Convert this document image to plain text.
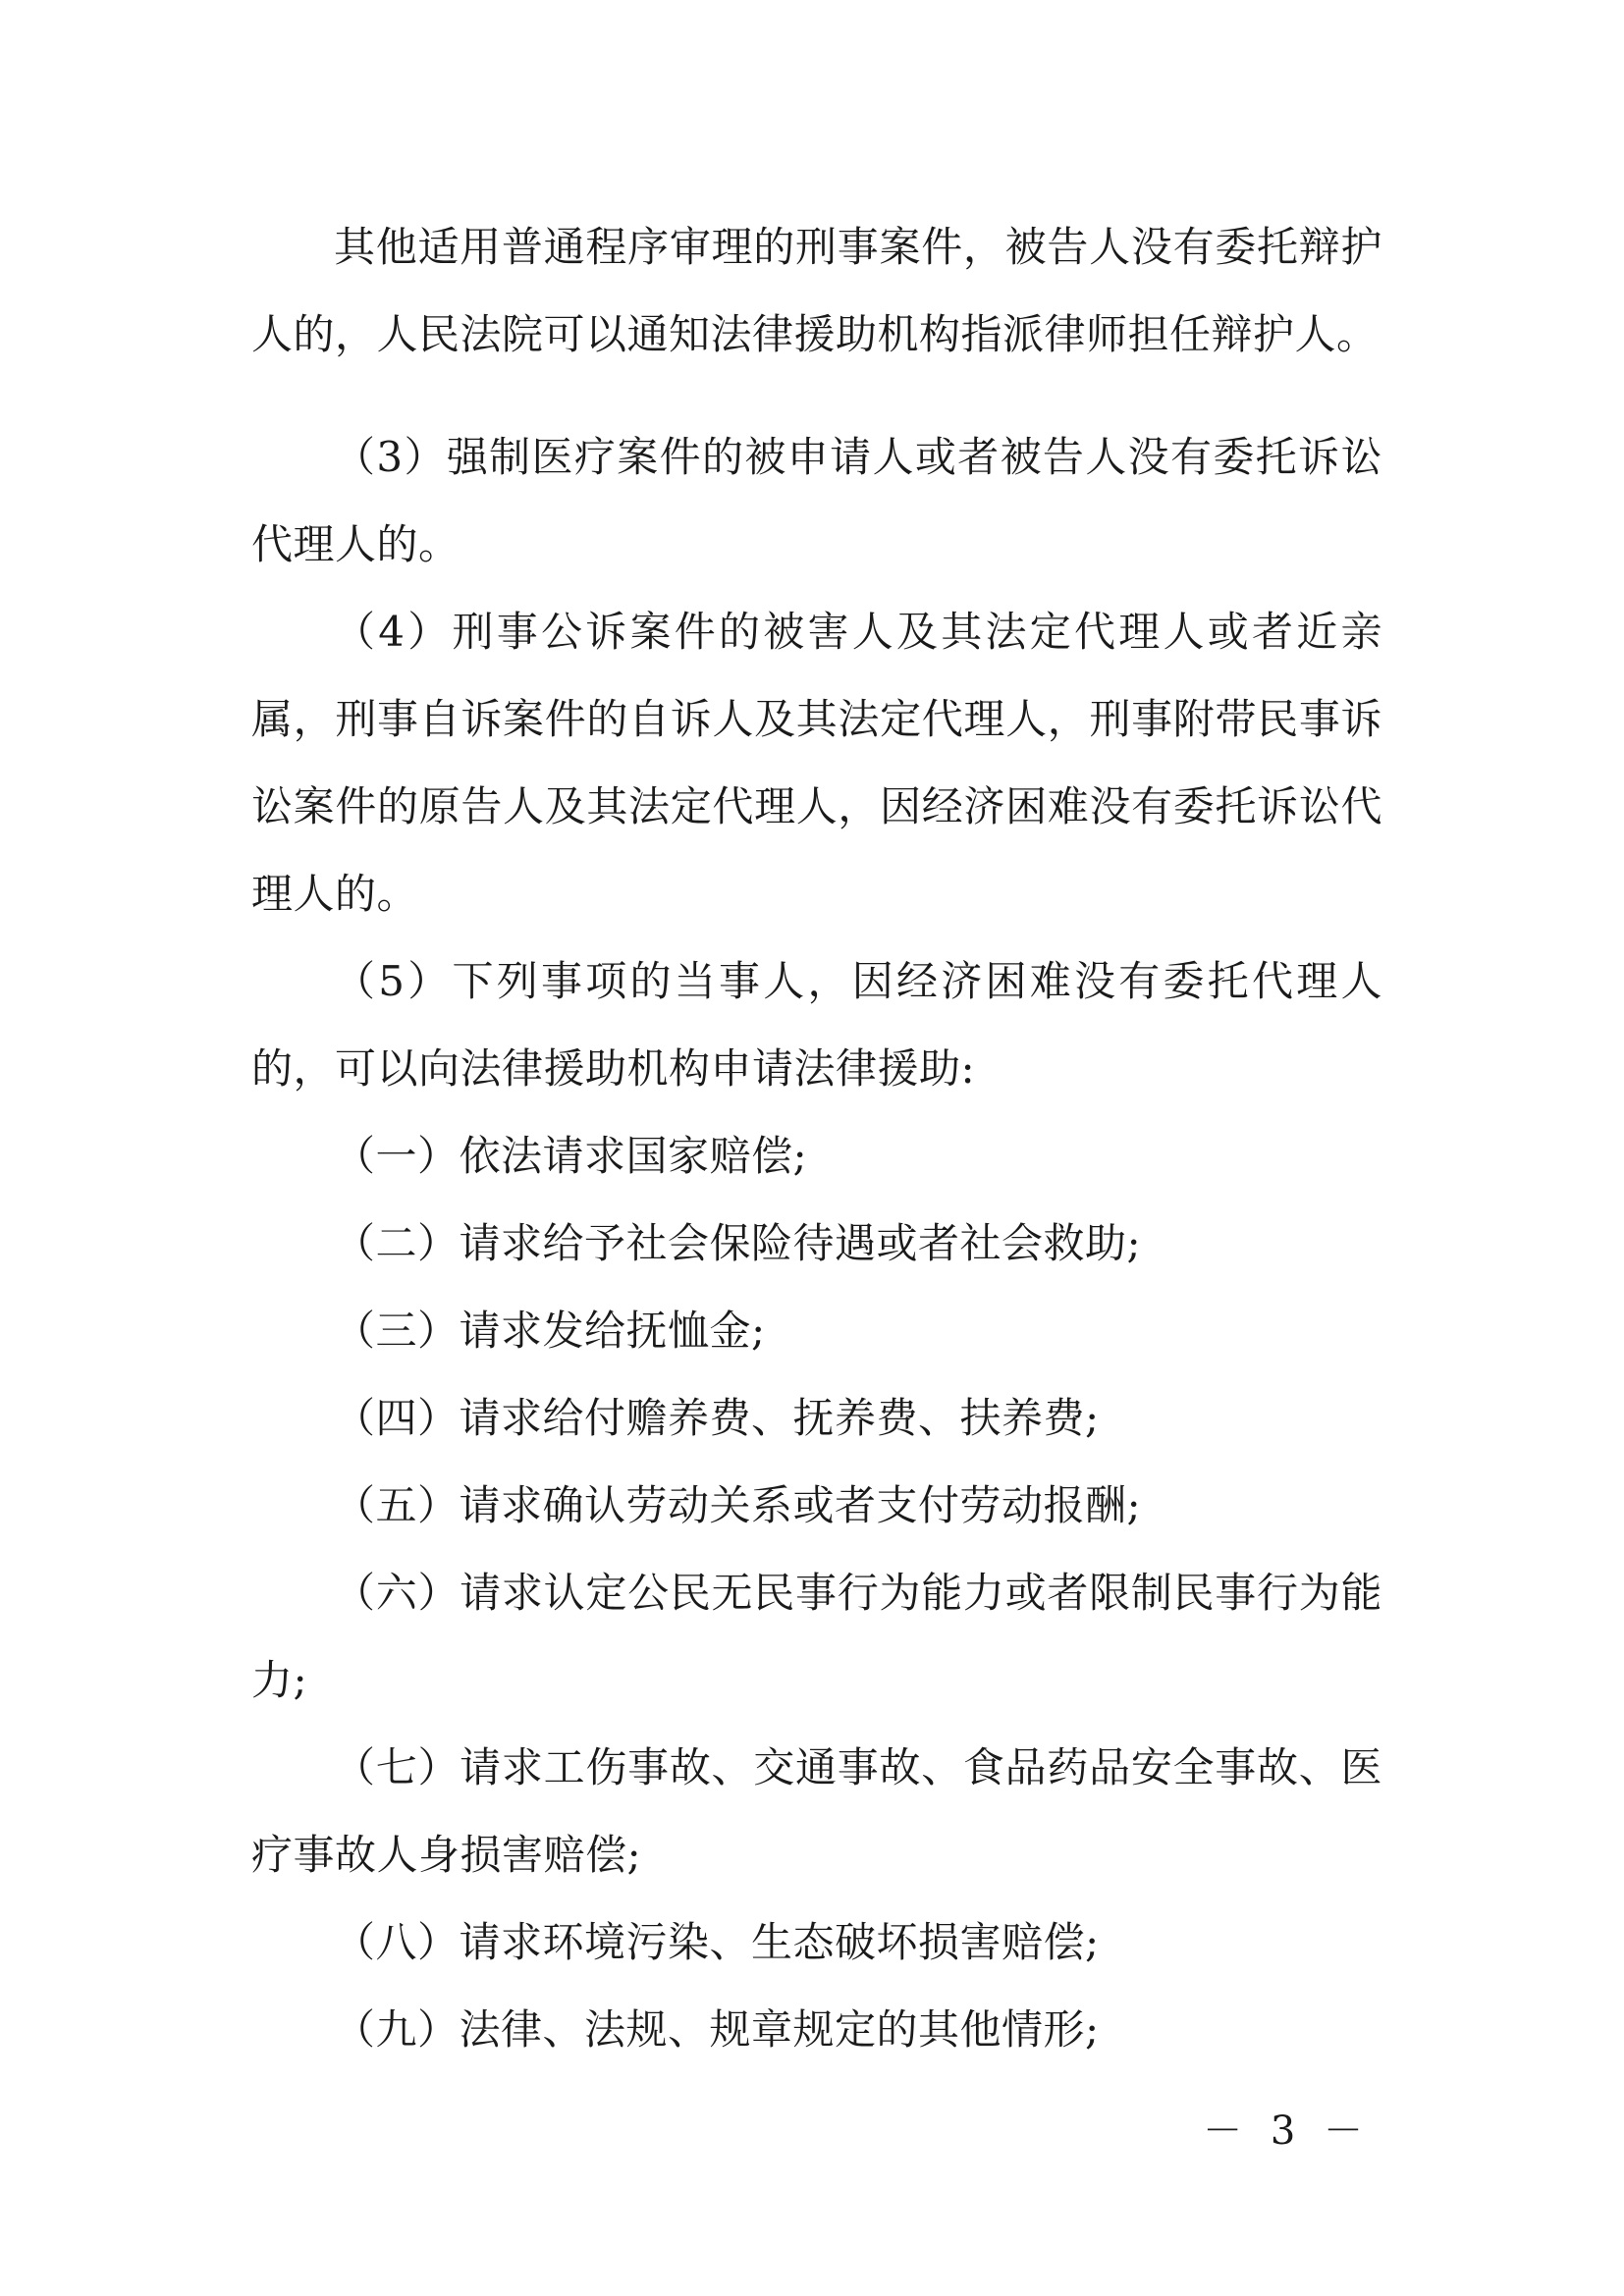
其他适用普通程序审理的刑事案件，被告人没有委托辩护人的，人民法院可以通知法律援助机构指派律师担任辩护人。

（3）强制医疗案件的被申请人或者被告人没有委托诉讼代理人的。

（4）刑事公诉案件的被害人及其法定代理人或者近亲属，刑事自诉案件的自诉人及其法定代理人，刑事附带民事诉讼案件的原告人及其法定代理人，因经济困难没有委托诉讼代理人的。

（5）下列事项的当事人，因经济困难没有委托代理人的，可以向法律援助机构申请法律援助:

（一）依法请求国家赔偿;

（二）请求给予社会保险待遇或者社会救助;

（三）请求发给抚恤金;

（四）请求给付赡养费、抚养费、扶养费;

（五）请求确认劳动关系或者支付劳动报酬;

（六）请求认定公民无民事行为能力或者限制民事行为能力;

（七）请求工伤事故、交通事故、食品药品安全事故、医疗事故人身损害赔偿;

（八）请求环境污染、生态破坏损害赔偿;

（九）法律、法规、规章规定的其他情形;

－ 3 －
